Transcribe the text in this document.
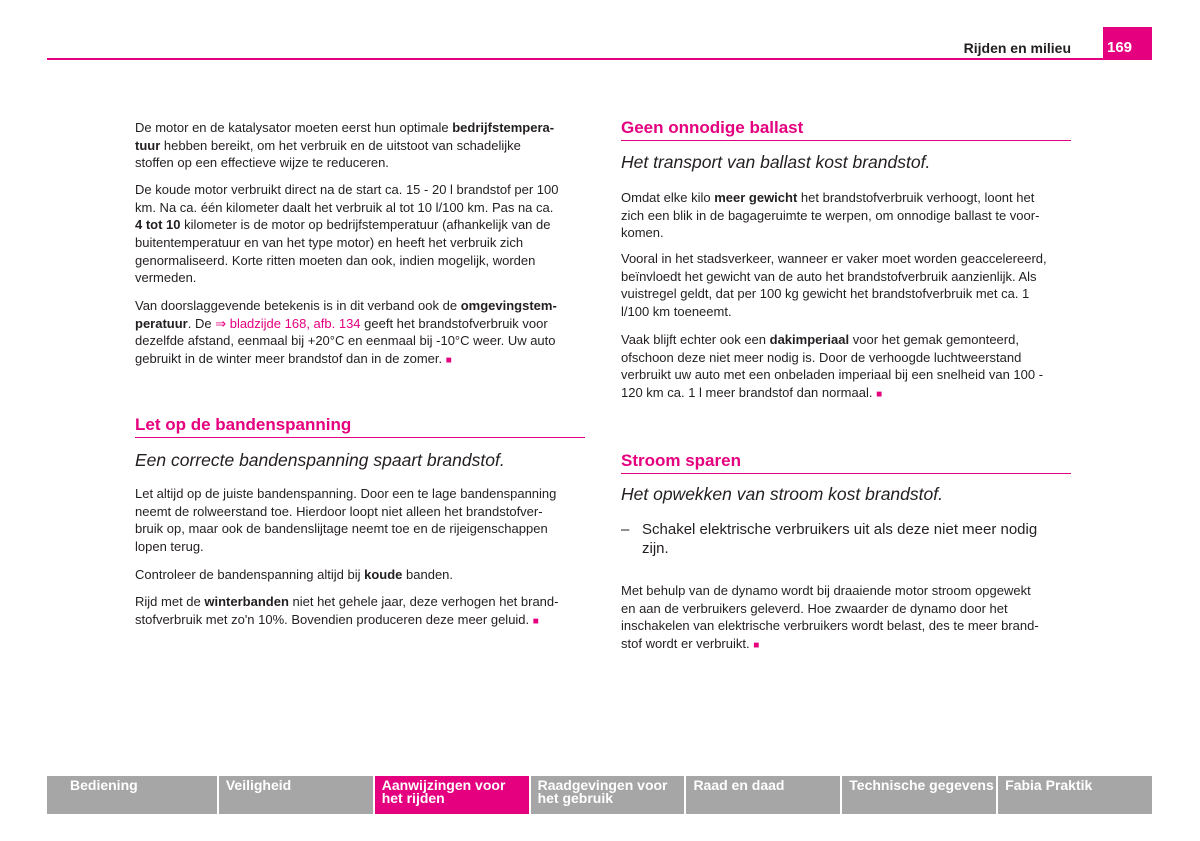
Rijden en milieu 169
De motor en de katalysator moeten eerst hun optimale bedrijfstempera-
tuur hebben bereikt, om het verbruik en de uitstoot van schadelijke
stoffen op een effectieve wijze te reduceren.
De koude motor verbruikt direct na de start ca. 15 - 20 l brandstof per 100
km. Na ca. één kilometer daalt het verbruik al tot 10 l/100 km. Pas na ca.
4 tot 10 kilometer is de motor op bedrijfstemperatuur (afhankelijk van de
buitentemperatuur en van het type motor) en heeft het verbruik zich
genormaliseerd. Korte ritten moeten dan ook, indien mogelijk, worden
vermeden.
Van doorslaggevende betekenis is in dit verband ook de omgevingstem-
peratuur. De ⇒ bladzijde 168, afb. 134 geeft het brandstofverbruik voor
dezelfde afstand, eenmaal bij +20°C en eenmaal bij -10°C weer. Uw auto
gebruikt in de winter meer brandstof dan in de zomer. ■
Let op de bandenspanning
Een correcte bandenspanning spaart brandstof.
Let altijd op de juiste bandenspanning. Door een te lage bandenspanning
neemt de rolweerstand toe. Hierdoor loopt niet alleen het brandstofver-
bruik op, maar ook de bandenslijtage neemt toe en de rijeigenschappen
lopen terug.
Controleer de bandenspanning altijd bij koude banden.
Rijd met de winterbanden niet het gehele jaar, deze verhogen het brand-
stofverbruik met zo'n 10%. Bovendien produceren deze meer geluid. ■
Geen onnodige ballast
Het transport van ballast kost brandstof.
Omdat elke kilo meer gewicht het brandstofverbruik verhoogt, loont het
zich een blik in de bagageruimte te werpen, om onnodige ballast te voor-
komen.
Vooral in het stadsverkeer, wanneer er vaker moet worden geaccelereerd,
beïnvloedt het gewicht van de auto het brandstofverbruik aanzienlijk. Als
vuistregel geldt, dat per 100 kg gewicht het brandstofverbruik met ca. 1
l/100 km toeneemt.
Vaak blijft echter ook een dakimperiaal voor het gemak gemonteerd,
ofschoon deze niet meer nodig is. Door de verhoogde luchtweerstand
verbruikt uw auto met een onbeladen imperiaal bij een snelheid van 100 -
120 km ca. 1 l meer brandstof dan normaal. ■
Stroom sparen
Het opwekken van stroom kost brandstof.
– Schakel elektrische verbruikers uit als deze niet meer nodig
zijn.
Met behulp van de dynamo wordt bij draaiende motor stroom opgewekt
en aan de verbruikers geleverd. Hoe zwaarder de dynamo door het
inschakelen van elektrische verbruikers wordt belast, des te meer brand-
stof wordt er verbruikt. ■
Bediening	Veiligheid	Aanwijzingen voor
het rijden
Raadgevingen voor
het gebruik
Raad en daad	Technische gegevens Fabia Praktik
